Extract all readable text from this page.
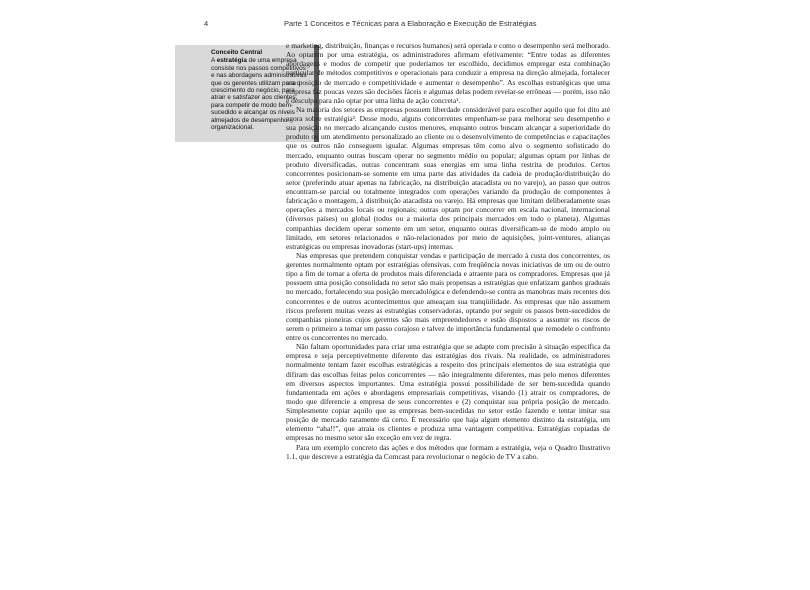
4	Parte 1 Conceitos e Técnicas para a Elaboração e Execução de Estratégias
Conceito Central
A estratégia de uma empresa consiste nos passos competitivos e nas abordagens administrativas que os gerentes utilizam para o crescimento do negócio, para atrair e satisfazer aos clientes, para competir de modo bem-sucedido e alcançar os níveis almejados de desempenho organizacional.

e marketing, distribuição, finanças e recursos humanos) será operada e como o desempenho será melhorado. Ao optarem por uma estratégia, os administradores afirmam efetivamente: “Entre todas as diferentes abordagens e modos de competir que poderíamos ter escolhido, decidimos empregar esta combinação particular de métodos competitivos e operacionais para conduzir a empresa na direção almejada, fortalecer sua posição de mercado e competitividade e aumentar o desempenho”. As escolhas estratégicas que uma empresa faz poucas vezes são decisões fáceis e algumas delas podem revelar-se errôneas — porém, isso não é desculpa para não optar por uma linha de ação concreta¹.

Na maioria dos setores as empresas possuem liberdade considerável para escolher aquilo que foi dito até agora sobre estratégia². Desse modo, alguns concorrentes empenham-se para melhorar seu desempenho e sua posição no mercado alcançando custos menores, enquanto outros buscam alcançar a superioridade do produto ou um atendimento personalizado ao cliente ou o desenvolvimento de competências e capacitações que os outros não conseguem igualar. Algumas empresas têm como alvo o segmento sofisticado do mercado, enquanto outras buscam operar no segmento médio ou popular; algumas optam por linhas de produto diversificadas, outras concentram suas energias em uma linha restrita de produtos. Certos concorrentes posicionam-se somente em uma parte das atividades da cadeia de produção/distribuição do setor (preferindo atuar apenas na fabricação, na distribuição atacadista ou no varejo), ao passo que outros encontram-se parcial ou totalmente integrados com operações variando da produção de componentes à fabricação e montagem, à distribuição atacadista ou varejo. Há empresas que limitam deliberadamente suas operações a mercados locais ou regionais; outras optam por concorrer em escala nacional, internacional (diversos países) ou global (todos ou a maioria dos principais mercados em todo o planeta). Algumas companhias decidem operar somente em um setor, enquanto outras diversificam-se de modo amplo ou limitado, em setores relacionados e não-relacionados por meio de aquisições, joint-ventures, alianças estratégicas ou empresas inovadoras (start-ups) internas.

Nas empresas que pretendem conquistar vendas e participação de mercado à custa dos concorrentes, os gerentes normalmente optam por estratégias ofensivas, com freqüência novas iniciativas de um ou de outro tipo a fim de tornar a oferta de produtos mais diferenciada e atraente para os compradores. Empresas que já possuem uma posição consolidada no setor são mais propensas a estratégias que enfatizam ganhos graduais no mercado, fortalecendo sua posição mercadológica e defendendo-se contra as manobras mais recentes dos concorrentes e de outros acontecimentos que ameaçam sua tranqüilidade. As empresas que não assumem riscos preferem muitas vezes as estratégias conservadoras, optando por seguir os passos bem-sucedidos de companhias pioneiras cujos gerentes são mais empreendedores e estão dispostos a assumir os riscos de serem o primeiro a tomar um passo corajoso e talvez de importância fundamental que remodele o confronto entre os concorrentes no mercado.

Não faltam oportunidades para criar uma estratégia que se adapte com precisão à situação específica da empresa e seja perceptivelmente diferente das estratégias dos rivais. Na realidade, os administradores normalmente tentam fazer escolhas estratégicas a respeito dos principais elementos de sua estratégia que difiram das escolhas feitas pelos concorrentes — não integralmente diferentes, mas pelo menos diferentes em diversos aspectos importantes. Uma estratégia possui possibilidade de ser bem-sucedida quando fundamentada em ações e abordagens empresariais competitivas, visando (1) atrair os compradores, de modo que diferencie a empresa de seus concorrentes e (2) conquistar sua própria posição de mercado. Simplesmente copiar aquilo que as empresas bem-sucedidas no setor estão fazendo e tentar imitar sua posição de mercado raramente dá certo. É necessário que haja algum elemento distinto da estratégia, um elemento “aha!!”, que atraia os clientes e produza uma vantagem competitiva. Estratégias copiadas de empresas no mesmo setor são exceção em vez de regra.

Para um exemplo concreto das ações e dos métodos que formam a estratégia, veja o Quadro Ilustrativo 1.1, que descreve a estratégia da Comcast para revolucionar o negócio de TV a cabo.
